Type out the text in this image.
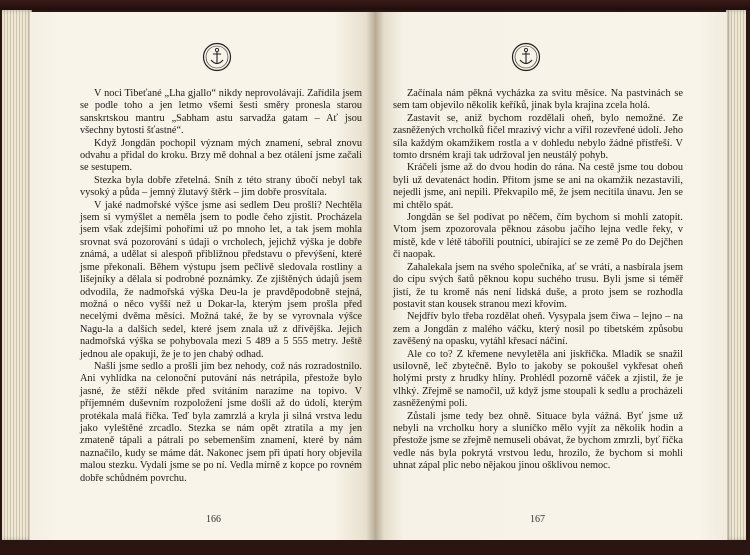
V noci Tibeťané „Lha gjallo“ nikdy neprovolávají. Zařídila jsem se podle toho a jen letmo všemi šesti směry pronesla starou sanskrtskou mantru „Sabham astu sarvadža gatam – Ať jsou všechny bytosti šťastné“.

Když Jongdän pochopil význam mých znamení, sebral znovu odvahu a přidal do kroku. Brzy mě dohnal a bez otálení jsme začali se sestupem.

Stezka byla dobře zřetelná. Sníh z této strany úbočí nebyl tak vysoký a půda – jemný žlutavý štěrk – jim dobře prosvítala.

V jaké nadmořské výšce jsme asi sedlem Deu prošli? Nechtěla jsem si vymýšlet a neměla jsem to podle čeho zjistit. Procházela jsem však zdejšími pohořími už po mnoho let, a tak jsem mohla srovnat svá pozorování s údaji o vrcholech, jejichž výška je dobře známá, a udělat si alespoň přibližnou představu o převýšení, které jsme překonali. Během výstupu jsem pečlivě sledovala rostliny a lišejníky a dělala si podrobné poznámky. Ze zjištěných údajů jsem odvodila, že nadmořská výška Deu-la je pravděpodobně stejná, možná o něco vyšší než u Dokar-la, kterým jsem prošla před necelými dvěma měsíci. Možná také, že by se vyrovnala výšce Nagu-la a dalších sedel, které jsem znala už z dřívějška. Jejich nadmořská výška se pohybovala mezi 5 489 a 5 555 metry. Ještě jednou ale opakuji, že je to jen chabý odhad.

Našli jsme sedlo a prošli jím bez nehody, což nás rozradostnilo. Ani vyhlídka na celonoční putování nás netrápila, přestože bylo jasné, že stěží někde před svítáním narazíme na topivo. V příjemném duševním rozpoložení jsme došli až do údolí, kterým protékala malá říčka. Teď byla zamrzlá a kryla ji silná vrstva ledu jako vyleštěné zrcadlo. Stezka se nám opět ztratila a my jen zmateně tápali a pátrali po sebemenším znamení, které by nám naznačilo, kudy se máme dát. Nakonec jsem při úpatí hory objevila malou stezku. Vydali jsme se po ní. Vedla mírně z kopce po rovném dobře schůdném povrchu.

166

Začínala nám pěkná vycházka za svitu měsíce. Na pastvinách se sem tam objevilo několik keříků, jinak byla krajina zcela holá.

Zastavit se, aniž bychom rozdělali oheň, bylo nemožné. Ze zasněžených vrcholků fičel mrazivý vichr a vířil rozevřené údolí. Jeho síla každým okamžikem rostla a v dohledu nebylo žádné přístřeší. V tomto drsném kraji tak udržoval jen neustálý pohyb.

Kráčeli jsme až do dvou hodin do rána. Na cestě jsme tou dobou byli už devatenáct hodin. Přitom jsme se ani na okamžik nezastavili, nejedli jsme, ani nepili. Překvapilo mě, že jsem necítila únavu. Jen se mi chtělo spát.

Jongdän se šel podívat po něčem, čím bychom si mohli zatopit. Vtom jsem zpozorovala pěknou zásobu jačího lejna vedle řeky, v místě, kde v létě tábořili poutníci, ubírající se ze země Po do Dejčhen či naopak.

Zahalekala jsem na svého společníka, ať se vrátí, a nasbírala jsem do cípu svých šatů pěknou kopu suchého trusu. Byli jsme si téměř jistí, že tu kromě nás není lidská duše, a proto jsem se rozhodla postavit stan kousek stranou mezi křovím.

Nejdřív bylo třeba rozdělat oheň. Vysypala jsem čiwa – lejno – na zem a Jongdän z malého váčku, který nosil po tibetském způsobu zavěšený na opasku, vytáhl křesací náčiní.

Ale co to? Z křemene nevyletěla ani jiskřička. Mladík se snažil usilovně, leč zbytečně. Bylo to jakoby se pokoušel vykřesat oheň holými prsty z hrudky hlíny. Prohlédl pozorně váček a zjistil, že je vlhký. Zřejmě se namočil, už když jsme stoupali k sedlu a procházeli zasněženými poli.

Zůstali jsme tedy bez ohně. Situace byla vážná. Byť jsme už nebyli na vrcholku hory a sluníčko mělo vyjít za několik hodin a přestože jsme se zřejmě nemuseli obávat, že bychom zmrzli, byť říčka vedle nás byla pokrytá vrstvou ledu, hrozilo, že bychom si mohli uhnat zápal plic nebo nějakou jinou ošklivou nemoc.

167
